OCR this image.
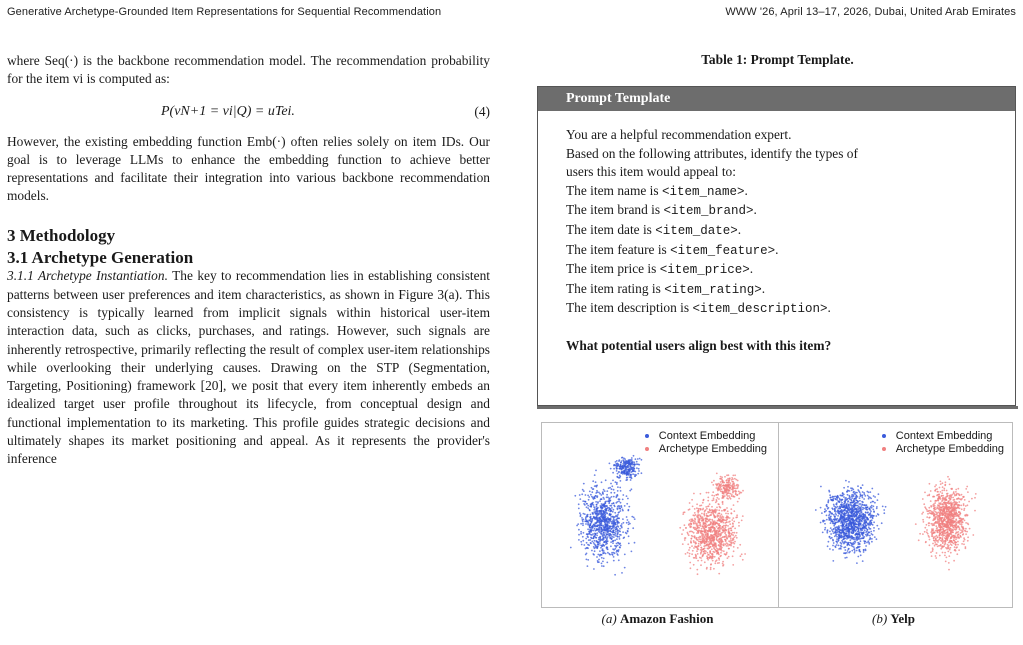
Generative Archetype-Grounded Item Representations for Sequential Recommendation	WWW '26, April 13–17, 2026, Dubai, United Arab Emirates

where Seq(·) is the backbone recommendation model. The recommendation probability for the item vi is computed as:

P(vN+1 = vi|Q) = uTei.	(4)

However, the existing embedding function Emb(·) often relies solely on item IDs. Our goal is to leverage LLMs to enhance the embedding function to achieve better representations and facilitate their integration into various backbone recommendation models.

3 Methodology

3.1 Archetype Generation

3.1.1 Archetype Instantiation. The key to recommendation lies in establishing consistent patterns between user preferences and item characteristics, as shown in Figure 3(a). This consistency is typically learned from implicit signals within historical user-item interaction data, such as clicks, purchases, and ratings. However, such signals are inherently retrospective, primarily reflecting the result of complex user-item relationships while overlooking their underlying causes. Drawing on the STP (Segmentation, Targeting, Positioning) framework [20], we posit that every item inherently embeds an idealized target user profile throughout its lifecycle, from conceptual design and functional implementation to its marketing. This profile guides strategic decisions and ultimately shapes its market positioning and appeal. As it represents the provider's inference

Table 1: Prompt Template.
Prompt Template
You are a helpful recommendation expert.
Based on the following attributes, identify the types of
users this item would appeal to:
The item name is <item_name>.
The item brand is <item_brand>.
The item date is <item_date>.
The item feature is <item_feature>.
The item price is <item_price>.
The item rating is <item_rating>.
The item description is <item_description>.
What potential users align best with this item?
Context Embedding
Archetype Embedding
Context Embedding
Archetype Embedding
(a) Amazon Fashion	(b) Yelp
